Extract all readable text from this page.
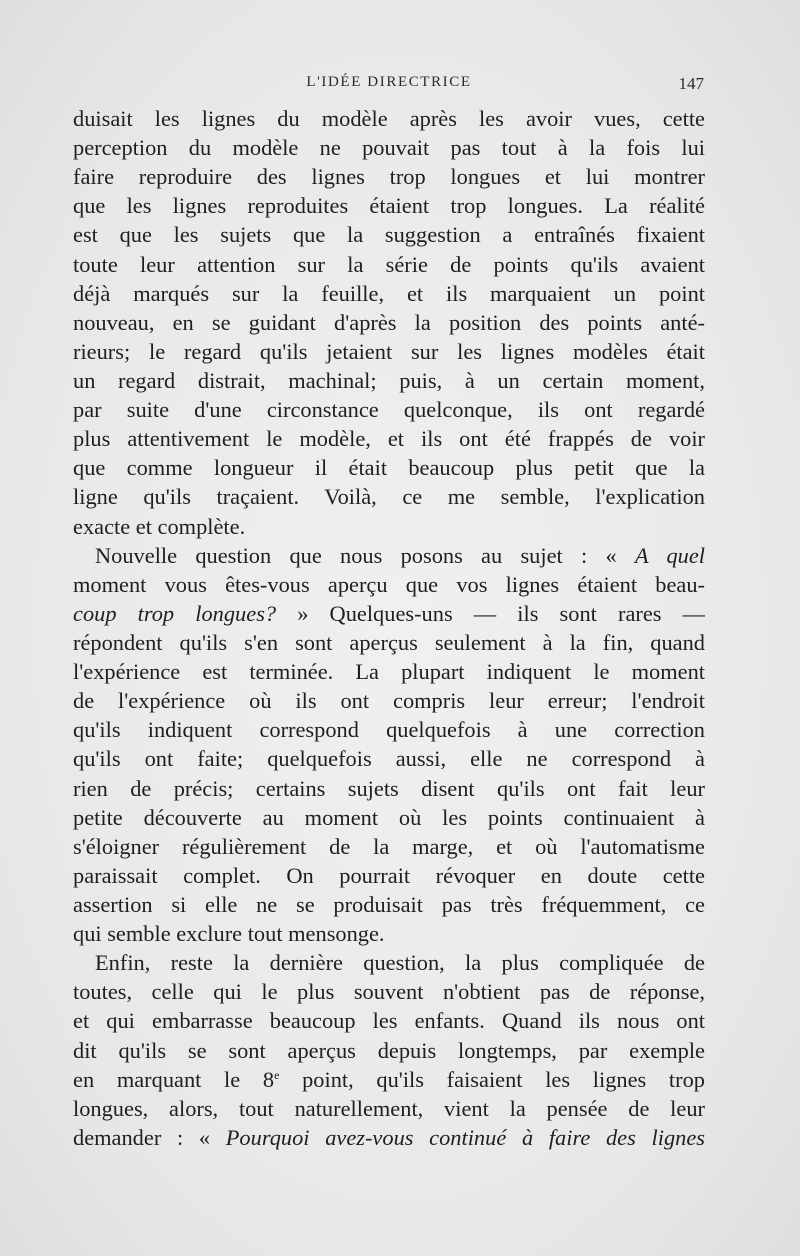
L'IDÉE DIRECTRICE	147
duisait les lignes du modèle après les avoir vues, cette
perception du modèle ne pouvait pas tout à la fois lui
faire reproduire des lignes trop longues et lui montrer
que les lignes reproduites étaient trop longues. La réalité
est que les sujets que la suggestion a entraînés fixaient
toute leur attention sur la série de points qu'ils avaient
déjà marqués sur la feuille, et ils marquaient un point
nouveau, en se guidant d'après la position des points anté-
rieurs; le regard qu'ils jetaient sur les lignes modèles était
un regard distrait, machinal; puis, à un certain moment,
par suite d'une circonstance quelconque, ils ont regardé
plus attentivement le modèle, et ils ont été frappés de voir
que comme longueur il était beaucoup plus petit que la
ligne qu'ils traçaient. Voilà, ce me semble, l'explication
exacte et complète.
Nouvelle question que nous posons au sujet : « A quel
moment vous êtes-vous aperçu que vos lignes étaient beau-
coup trop longues? » Quelques-uns — ils sont rares —
répondent qu'ils s'en sont aperçus seulement à la fin, quand
l'expérience est terminée. La plupart indiquent le moment
de l'expérience où ils ont compris leur erreur; l'endroit
qu'ils indiquent correspond quelquefois à une correction
qu'ils ont faite; quelquefois aussi, elle ne correspond à
rien de précis; certains sujets disent qu'ils ont fait leur
petite découverte au moment où les points continuaient à
s'éloigner régulièrement de la marge, et où l'automatisme
paraissait complet. On pourrait révoquer en doute cette
assertion si elle ne se produisait pas très fréquemment, ce
qui semble exclure tout mensonge.
Enfin, reste la dernière question, la plus compliquée de
toutes, celle qui le plus souvent n'obtient pas de réponse,
et qui embarrasse beaucoup les enfants. Quand ils nous ont
dit qu'ils se sont aperçus depuis longtemps, par exemple
en marquant le 8e point, qu'ils faisaient les lignes trop
longues, alors, tout naturellement, vient la pensée de leur
demander : « Pourquoi avez-vous continué à faire des lignes
